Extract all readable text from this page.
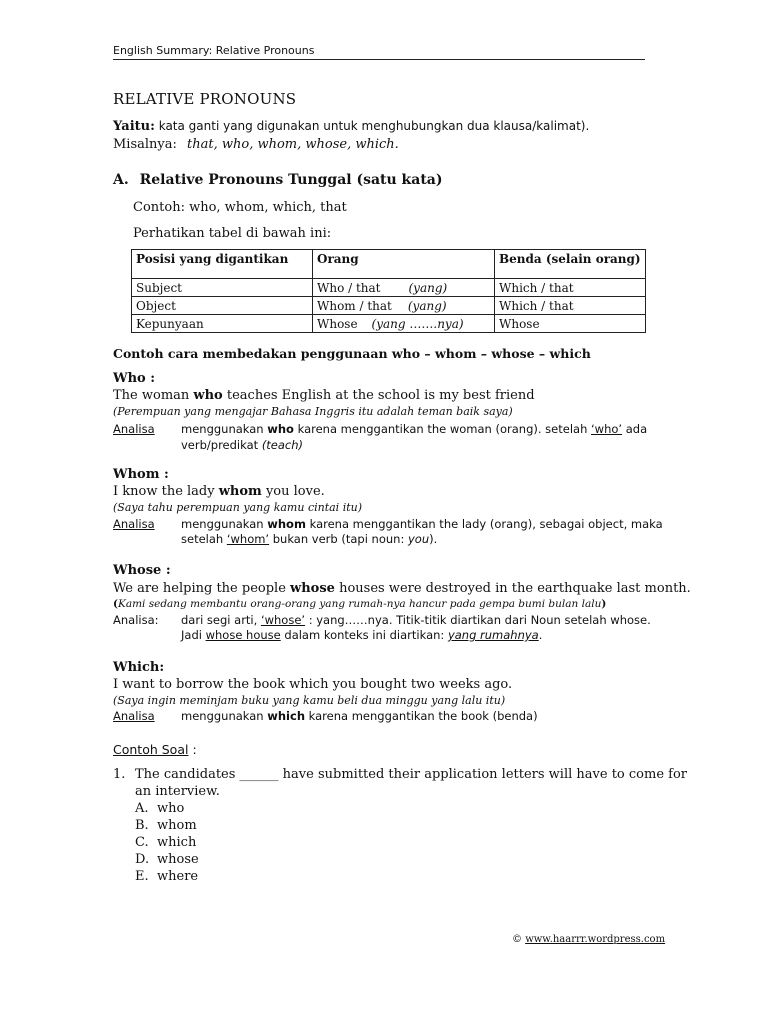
English Summary: Relative Pronouns
RELATIVE PRONOUNS
Yaitu: kata ganti yang digunakan untuk menghubungkan dua klausa/kalimat).
Misalnya: that, who, whom, whose, which.
A. Relative Pronouns Tunggal (satu kata)
Contoh: who, whom, which, that
Perhatikan tabel di bawah ini:
Posisi yang digantikan	Orang	Benda (selain orang)
Subject	Who / that (yang)	Which / that
Object	Whom / that (yang)	Which / that
Kepunyaan	Whose (yang …….nya)	Whose
Contoh cara membedakan penggunaan who – whom – whose – which
Who :
The woman who teaches English at the school is my best friend
(Perempuan yang mengajar Bahasa Inggris itu adalah teman baik saya)
Analisa menggunakan who karena menggantikan the woman (orang). setelah ‘who’ ada
verb/predikat (teach)
Whom :
I know the lady whom you love.
(Saya tahu perempuan yang kamu cintai itu)
Analisa menggunakan whom karena menggantikan the lady (orang), sebagai object, maka
setelah ‘whom’ bukan verb (tapi noun: you).
Whose :
We are helping the people whose houses were destroyed in the earthquake last month.
(Kami sedang membantu orang-orang yang rumah-nya hancur pada gempa bumi bulan lalu)
Analisa: dari segi arti, ‘whose’ : yang……nya. Titik-titik diartikan dari Noun setelah whose.
Jadi whose house dalam konteks ini diartikan: yang rumahnya.
Which:
I want to borrow the book which you bought two weeks ago.
(Saya ingin meminjam buku yang kamu beli dua minggu yang lalu itu)
Analisa menggunakan which karena menggantikan the book (benda)
Contoh Soal :
1. The candidates ______ have submitted their application letters will have to come for
an interview.
A. who
B. whom
C. which
D. whose
E. where
© www.haarrr.wordpress.com
